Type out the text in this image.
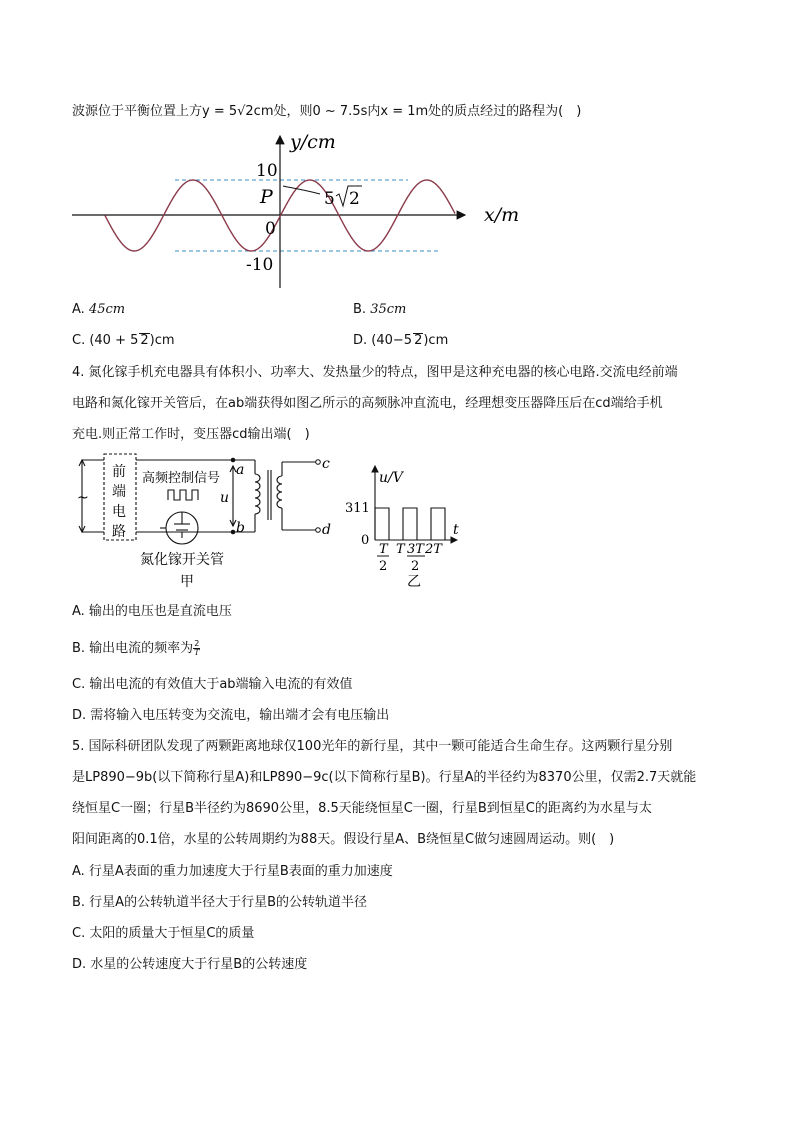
波源位于平衡位置上方y = 5√2cm处，则0 ~ 7.5s内x = 1m处的质点经过的路程为(　)
y/cm
x/m
10
0
-10
P	5 2
A. 45cm	B. 35cm
C. (40 + 5 2)cm	D. (40−5 2)cm
4. 氮化镓手机充电器具有体积小、功率大、发热量少的特点，图甲是这种充电器的核心电路.交流电经前端
电路和氮化镓开关管后，在ab端获得如图乙所示的高频脉冲直流电，经理想变压器降压后在cd端给手机
充电.则正常工作时，变压器cd输出端(　)
~
前
端
电
路
高频控制信号
a
b
c
d
u
氮化镓开关管
甲
u/V
311
0
t
T
2
T 3T
2
2T
乙
A. 输出的电压也是直流电压
B. 输出电流的频率为 $\frac{2}{T}$
C. 输出电流的有效值大于ab端输入电流的有效值
D. 需将输入电压转变为交流电，输出端才会有电压输出
5. 国际科研团队发现了两颗距离地球仅100光年的新行星，其中一颗可能适合生命生存。这两颗行星分别
是LP890−9b(以下简称行星A)和LP890−9c(以下简称行星B)。行星A的半径约为8370公里，仅需2.7天就能
绕恒星C一圈；行星B半径约为8690公里，8.5天能绕恒星C一圈，行星B到恒星C的距离约为水星与太
阳间距离的0.1倍，水星的公转周期约为88天。假设行星A、B绕恒星C做匀速圆周运动。则(　)
A. 行星A表面的重力加速度大于行星B表面的重力加速度
B. 行星A的公转轨道半径大于行星B的公转轨道半径
C. 太阳的质量大于恒星C的质量
D. 水星的公转速度大于行星B的公转速度
